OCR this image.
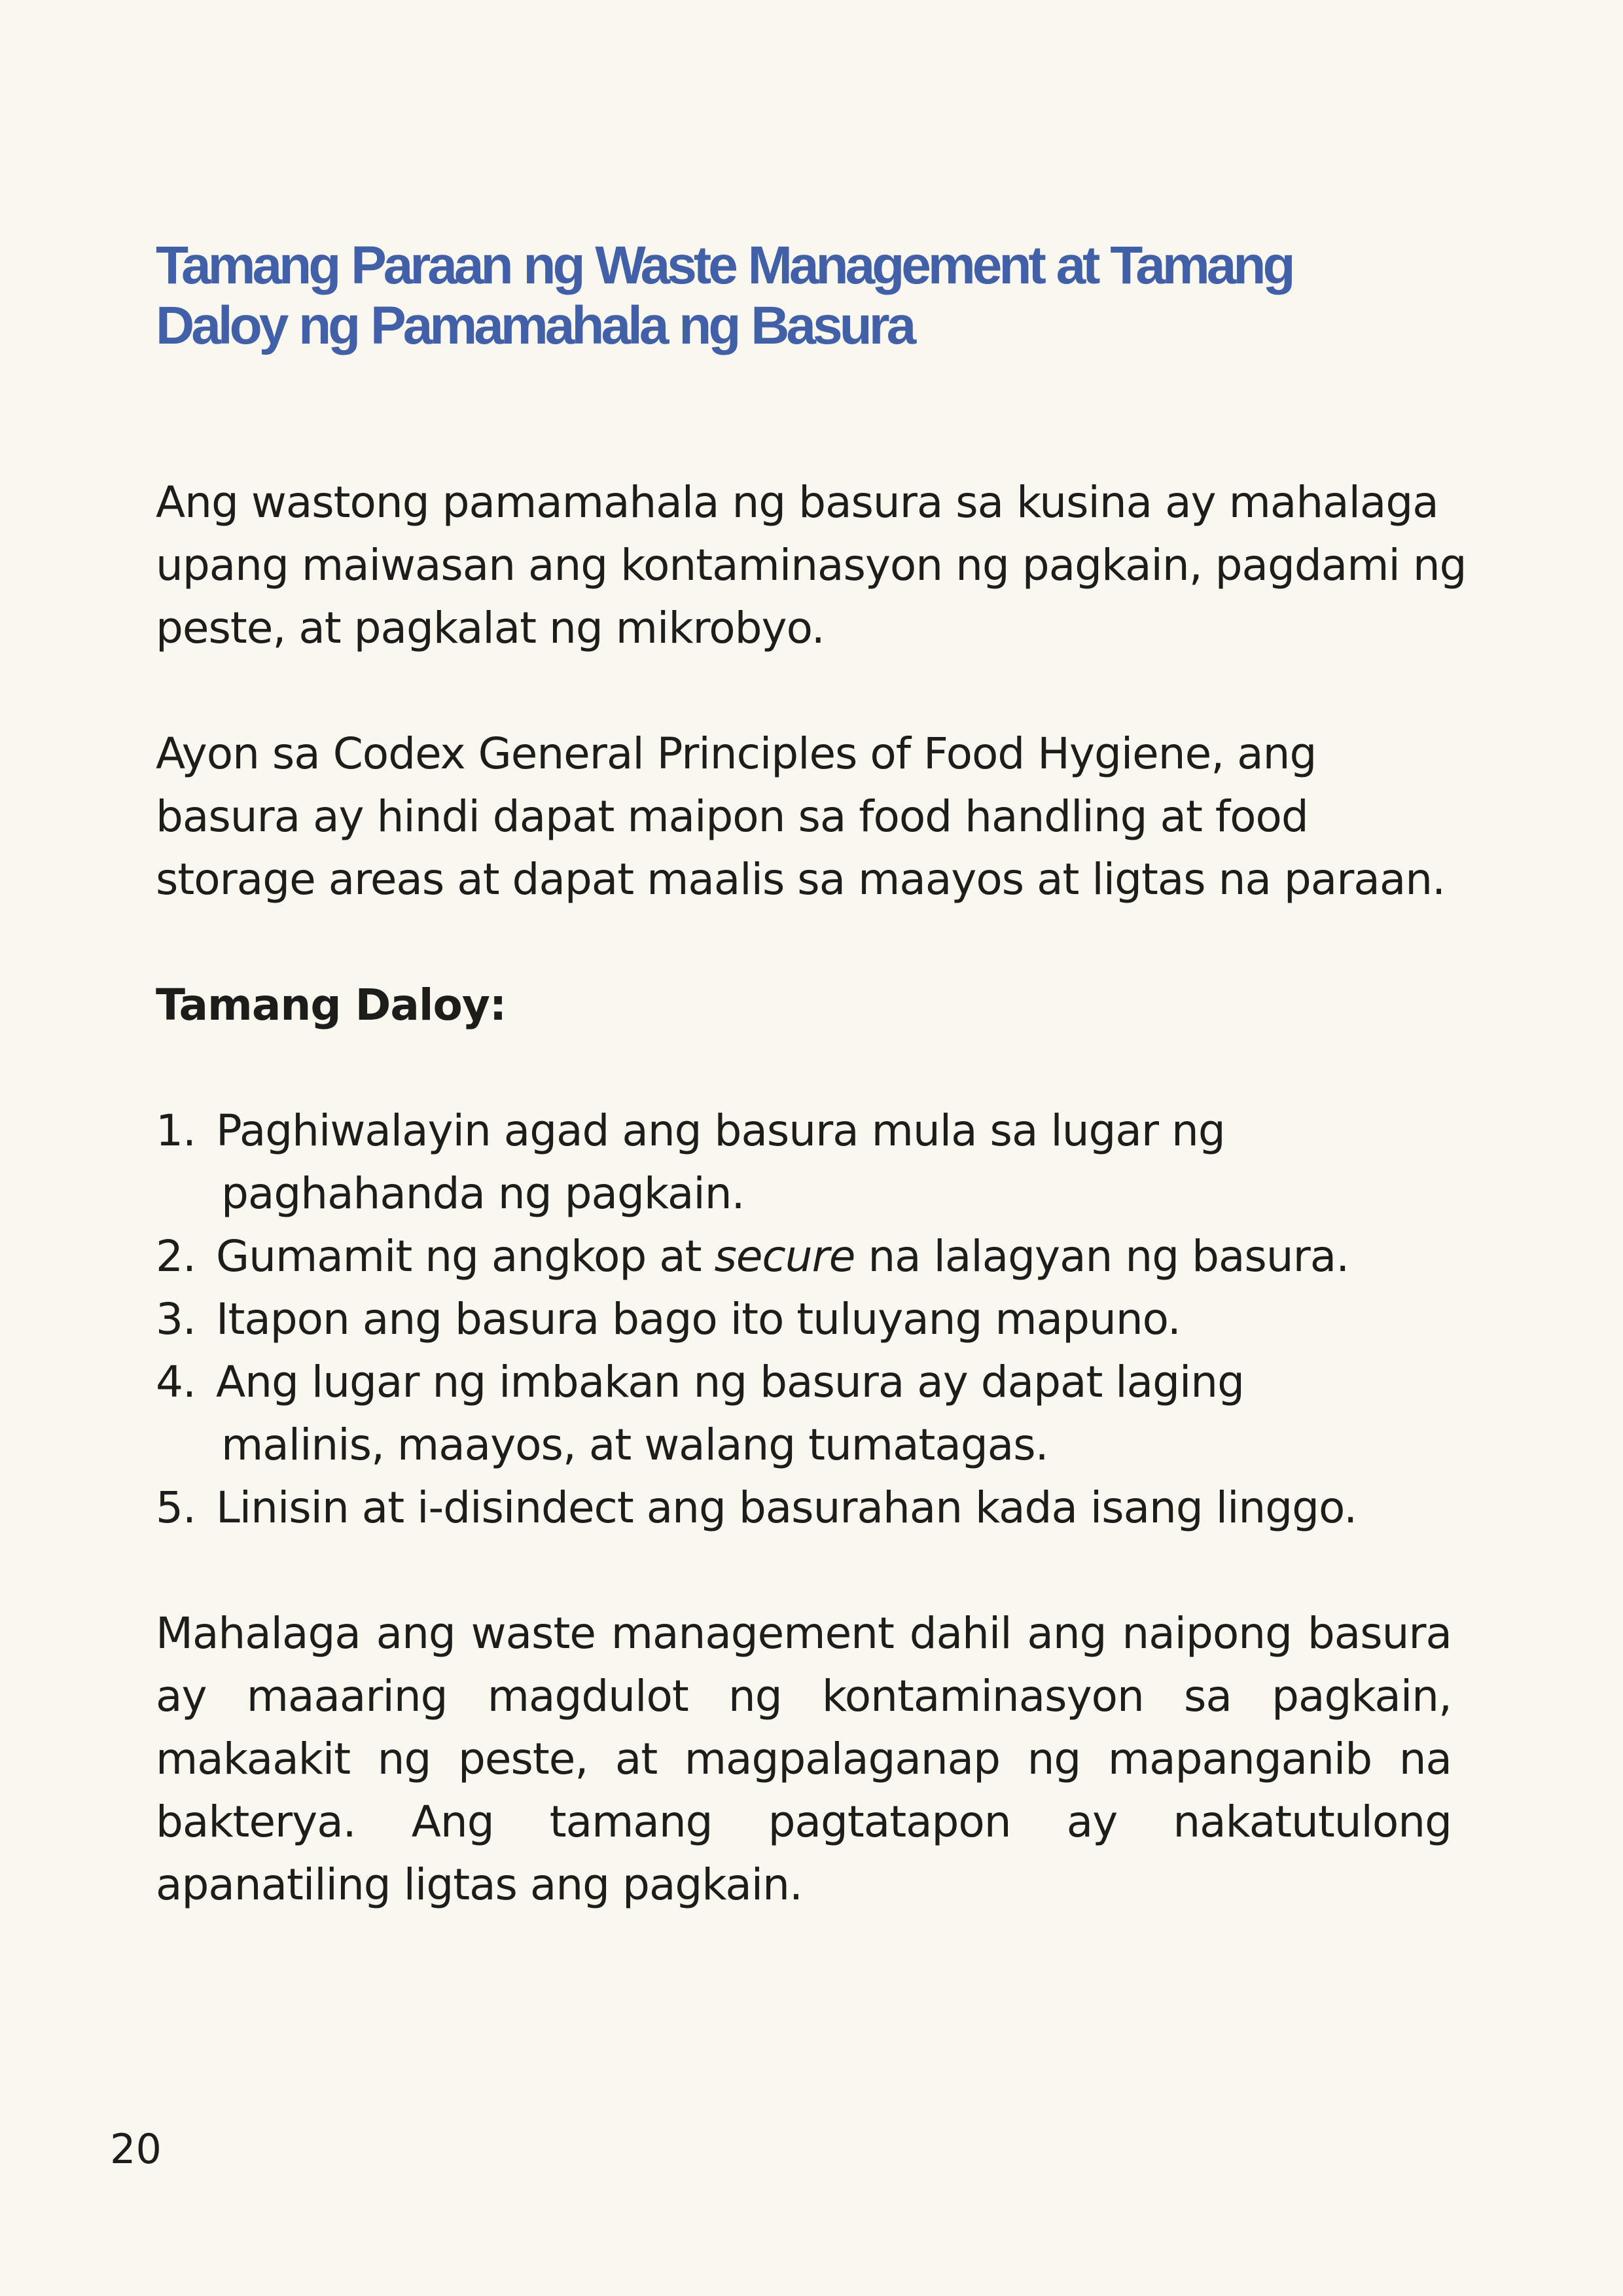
Tamang Paraan ng Waste Management at Tamang
Daloy ng Pamamahala ng Basura

Ang wastong pamamahala ng basura sa kusina ay mahalaga
upang maiwasan ang kontaminasyon ng pagkain, pagdami ng
peste, at pagkalat ng mikrobyo.

Ayon sa Codex General Principles of Food Hygiene, ang
basura ay hindi dapat maipon sa food handling at food
storage areas at dapat maalis sa maayos at ligtas na paraan.

Tamang Daloy:
1. Paghiwalayin agad ang basura mula sa lugar ng
paghahanda ng pagkain.
2. Gumamit ng angkop at secure na lalagyan ng basura.
3. Itapon ang basura bago ito tuluyang mapuno.
4. Ang lugar ng imbakan ng basura ay dapat laging
malinis, maayos, at walang tumatagas.
5. Linisin at i-disindect ang basurahan kada isang linggo.

Mahalaga ang waste management dahil ang naipong basura ay maaaring magdulot ng kontaminasyon sa pagkain, makaakit ng peste, at magpalaganap ng mapanganib na bakterya. Ang tamang pagtatapon ay nakatutulong apanatiling ligtas ang pagkain.

20
